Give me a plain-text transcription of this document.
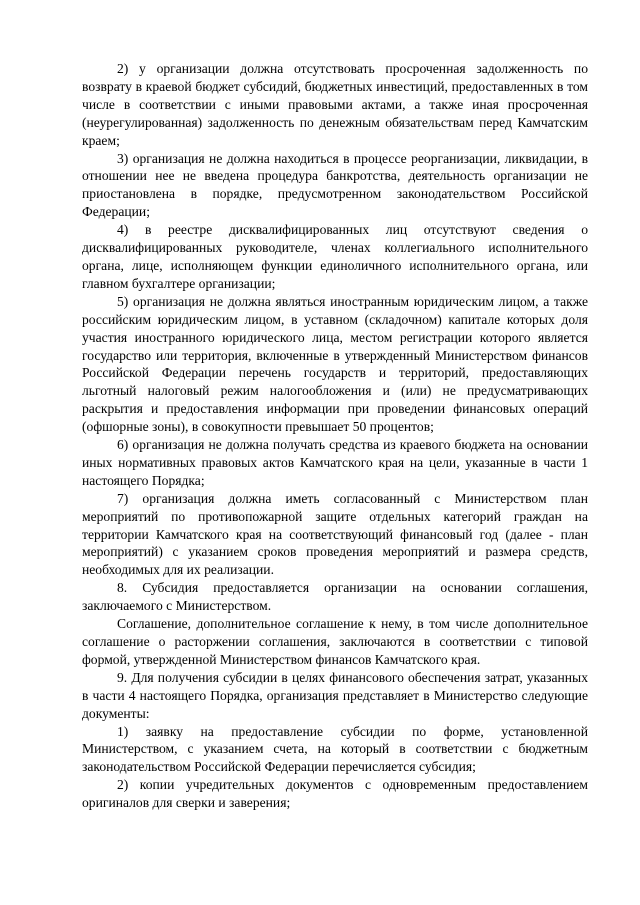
2) у организации должна отсутствовать просроченная задолженность по возврату в краевой бюджет субсидий, бюджетных инвестиций, предоставленных в том числе в соответствии с иными правовыми актами, а также иная просроченная (неурегулированная) задолженность по денежным обязательствам перед Камчатским краем;

3) организация не должна находиться в процессе реорганизации, ликвидации, в отношении нее не введена процедура банкротства, деятельность организации не приостановлена в порядке, предусмотренном законодательством Российской Федерации;

4) в реестре дисквалифицированных лиц отсутствуют сведения о дисквалифицированных руководителе, членах коллегиального исполнительного органа, лице, исполняющем функции единоличного исполнительного органа, или главном бухгалтере организации;

5) организация не должна являться иностранным юридическим лицом, а также российским юридическим лицом, в уставном (складочном) капитале которых доля участия иностранного юридического лица, местом регистрации которого является государство или территория, включенные в утвержденный Министерством финансов Российской Федерации перечень государств и территорий, предоставляющих льготный налоговый режим налогообложения и (или) не предусматривающих раскрытия и предоставления информации при проведении финансовых операций (офшорные зоны), в совокупности превышает 50 процентов;

6) организация не должна получать средства из краевого бюджета на основании иных нормативных правовых актов Камчатского края на цели, указанные в части 1 настоящего Порядка;

7) организация должна иметь согласованный с Министерством план мероприятий по противопожарной защите отдельных категорий граждан на территории Камчатского края на соответствующий финансовый год (далее - план мероприятий) с указанием сроков проведения мероприятий и размера средств, необходимых для их реализации.

8. Субсидия предоставляется организации на основании соглашения, заключаемого с Министерством.

Соглашение, дополнительное соглашение к нему, в том числе дополнительное соглашение о расторжении соглашения, заключаются в соответствии с типовой формой, утвержденной Министерством финансов Камчатского края.

9. Для получения субсидии в целях финансового обеспечения затрат, указанных в части 4 настоящего Порядка, организация представляет в Министерство следующие документы:

1) заявку на предоставление субсидии по форме, установленной Министерством, с указанием счета, на который в соответствии с бюджетным законодательством Российской Федерации перечисляется субсидия;

2) копии учредительных документов с одновременным предоставлением оригиналов для сверки и заверения;
